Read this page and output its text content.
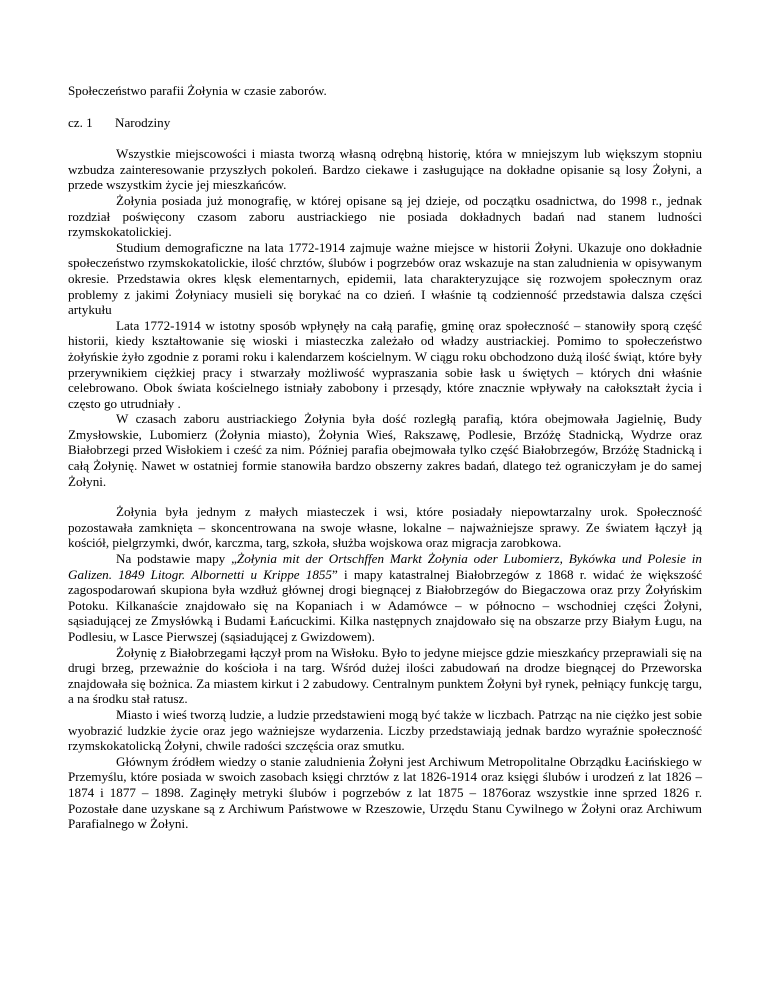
Społeczeństwo parafii Żołynia w czasie zaborów.

cz. 1 Narodziny

Wszystkie miejscowości i miasta tworzą własną odrębną historię, która w mniejszym lub większym stopniu wzbudza zainteresowanie przyszłych pokoleń. Bardzo ciekawe i zasługujące na dokładne opisanie są losy Żołyni, a przede wszystkim życie jej mieszkańców.

Żołynia posiada już monografię, w której opisane są jej dzieje, od początku osadnictwa, do 1998 r., jednak rozdział poświęcony czasom zaboru austriackiego nie posiada dokładnych badań nad stanem ludności rzymskokatolickiej.

Studium demograficzne na lata 1772-1914 zajmuje ważne miejsce w historii Żołyni. Ukazuje ono dokładnie społeczeństwo rzymskokatolickie, ilość chrztów, ślubów i pogrzebów oraz wskazuje na stan zaludnienia w opisywanym okresie. Przedstawia okres klęsk elementarnych, epidemii, lata charakteryzujące się rozwojem społecznym oraz problemy z jakimi Żołyniacy musieli się borykać na co dzień. I właśnie tą codzienność przedstawia dalsza części artykułu

Lata 1772-1914 w istotny sposób wpłynęły na całą parafię, gminę oraz społeczność – stanowiły sporą część historii, kiedy kształtowanie się wioski i miasteczka zależało od władzy austriackiej. Pomimo to społeczeństwo żołyńskie żyło zgodnie z porami roku i kalendarzem kościelnym. W ciągu roku obchodzono dużą ilość świąt, które były przerywnikiem ciężkiej pracy i stwarzały możliwość wypraszania sobie łask u świętych – których dni właśnie celebrowano. Obok świata kościelnego istniały zabobony i przesądy, które znacznie wpływały na całokształt życia i często go utrudniały .

W czasach zaboru austriackiego Żołynia była dość rozległą parafią, która obejmowała Jagielnię, Budy Zmysłowskie, Lubomierz (Żołynia miasto), Żołynia Wieś, Rakszawę, Podlesie, Brzóżę Stadnicką, Wydrze oraz Białobrzegi przed Wisłokiem i cześć za nim. Później parafia obejmowała tylko część Białobrzegów, Brzóżę Stadnicką i całą Żołynię. Nawet w ostatniej formie stanowiła bardzo obszerny zakres badań, dlatego też ograniczyłam je do samej Żołyni.

Żołynia była jednym z małych miasteczek i wsi, które posiadały niepowtarzalny urok. Społeczność pozostawała zamknięta – skoncentrowana na swoje własne, lokalne – najważniejsze sprawy. Ze światem łączył ją kościół, pielgrzymki, dwór, karczma, targ, szkoła, służba wojskowa oraz migracja zarobkowa.

Na podstawie mapy „Żołynia mit der Ortschffen Markt Żołynia oder Lubomierz, Bykówka und Polesie in Galizen. 1849 Litogr. Albornetti u Krippe 1855” i mapy katastralnej Białobrzegów z 1868 r. widać że większość zagospodarowań skupiona była wzdłuż głównej drogi biegnącej z Białobrzegów do Biegaczowa oraz przy Żołyńskim Potoku. Kilkanaście znajdowało się na Kopaniach i w Adamówce – w północno – wschodniej części Żołyni, sąsiadującej ze Zmysłówką i Budami Łańcuckimi. Kilka następnych znajdowało się na obszarze przy Białym Ługu, na Podlesiu, w Lasce Pierwszej (sąsiadującej z Gwizdowem).

Żołynię z Białobrzegami łączył prom na Wisłoku. Było to jedyne miejsce gdzie mieszkańcy przeprawiali się na drugi brzeg, przeważnie do kościoła i na targ. Wśród dużej ilości zabudowań na drodze biegnącej do Przeworska znajdowała się bożnica. Za miastem kirkut i 2 zabudowy. Centralnym punktem Żołyni był rynek, pełniący funkcję targu, a na środku stał ratusz.

Miasto i wieś tworzą ludzie, a ludzie przedstawieni mogą być także w liczbach. Patrząc na nie ciężko jest sobie wyobrazić ludzkie życie oraz jego ważniejsze wydarzenia. Liczby przedstawiają jednak bardzo wyraźnie społeczność rzymskokatolicką Żołyni, chwile radości szczęścia oraz smutku.

Głównym źródłem wiedzy o stanie zaludnienia Żołyni jest Archiwum Metropolitalne Obrządku Łacińskiego w Przemyślu, które posiada w swoich zasobach księgi chrztów z lat 1826-1914 oraz księgi ślubów i urodzeń z lat 1826 – 1874 i 1877 – 1898. Zaginęły metryki ślubów i pogrzebów z lat 1875 – 1876oraz wszystkie inne sprzed 1826 r. Pozostałe dane uzyskane są z Archiwum Państwowe w Rzeszowie, Urzędu Stanu Cywilnego w Żołyni oraz Archiwum Parafialnego w Żołyni.
